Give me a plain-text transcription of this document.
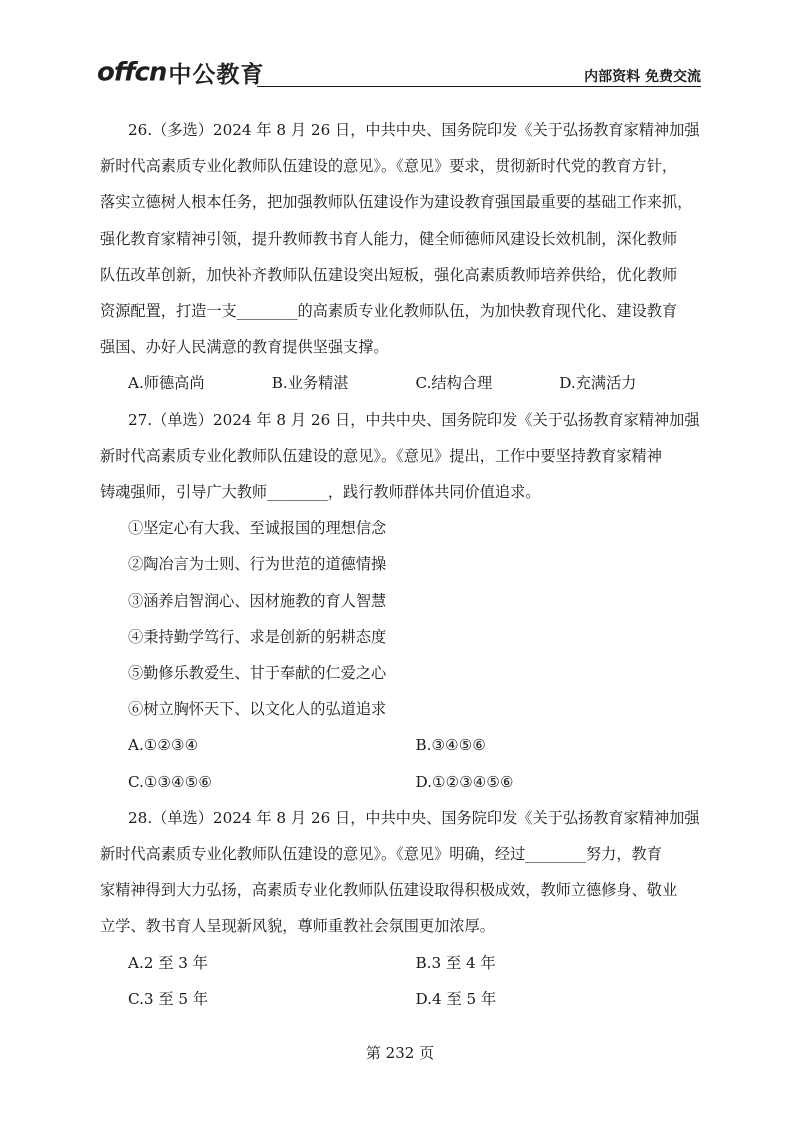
offcn中公教育	内部资料 免费交流
26.（多选）2024 年 8 月 26 日，中共中央、国务院印发《关于弘扬教育家精神加强
新时代高素质专业化教师队伍建设的意见》。《意见》要求，贯彻新时代党的教育方针，
落实立德树人根本任务，把加强教师队伍建设作为建设教育强国最重要的基础工作来抓，
强化教育家精神引领，提升教师教书育人能力，健全师德师风建设长效机制，深化教师
队伍改革创新，加快补齐教师队伍建设突出短板，强化高素质教师培养供给，优化教师
资源配置，打造一支________的高素质专业化教师队伍，为加快教育现代化、建设教育
强国、办好人民满意的教育提供坚强支撑。
A.师德高尚	B.业务精湛	C.结构合理	D.充满活力
27.（单选）2024 年 8 月 26 日，中共中央、国务院印发《关于弘扬教育家精神加强
新时代高素质专业化教师队伍建设的意见》。《意见》提出，工作中要坚持教育家精神
铸魂强师，引导广大教师________，践行教师群体共同价值追求。
①坚定心有大我、至诚报国的理想信念
②陶冶言为士则、行为世范的道德情操
③涵养启智润心、因材施教的育人智慧
④秉持勤学笃行、求是创新的躬耕态度
⑤勤修乐教爱生、甘于奉献的仁爱之心
⑥树立胸怀天下、以文化人的弘道追求
A.①②③④	B.③④⑤⑥
C.①③④⑤⑥	D.①②③④⑤⑥
28.（单选）2024 年 8 月 26 日，中共中央、国务院印发《关于弘扬教育家精神加强
新时代高素质专业化教师队伍建设的意见》。《意见》明确，经过________努力，教育
家精神得到大力弘扬，高素质专业化教师队伍建设取得积极成效，教师立德修身、敬业
立学、教书育人呈现新风貌，尊师重教社会氛围更加浓厚。
A.2 至 3 年	B.3 至 4 年
C.3 至 5 年	D.4 至 5 年
第 232 页
